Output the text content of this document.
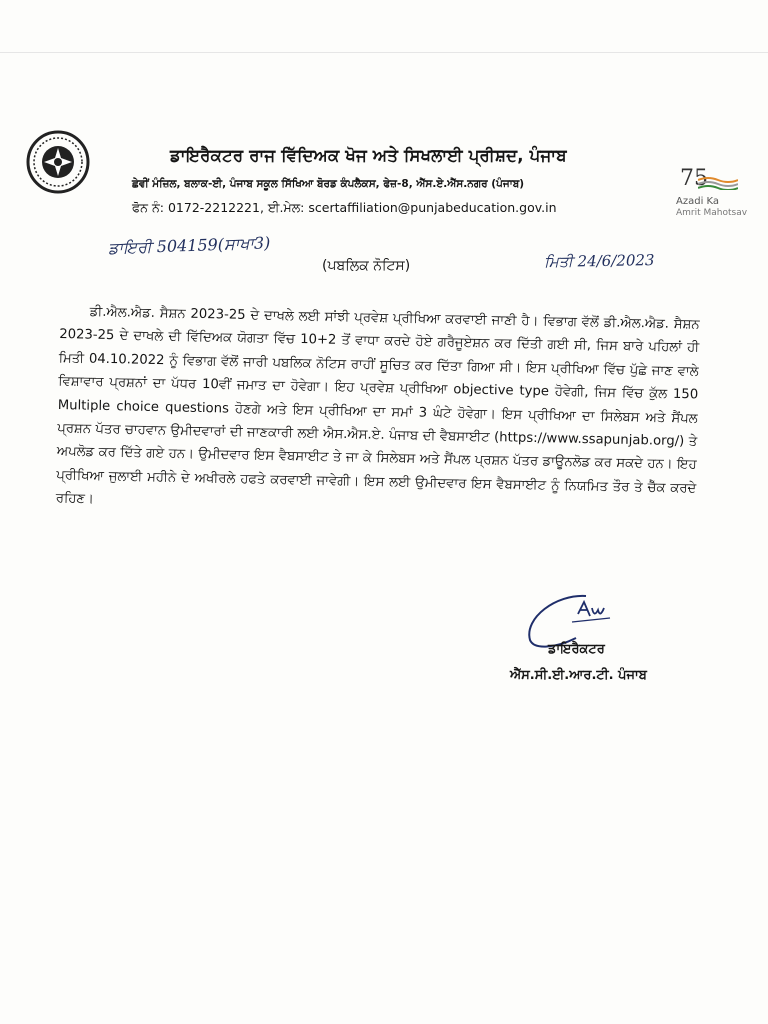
ਡਾਇਰੈਕਟਰ ਰਾਜ ਵਿੱਦਿਅਕ ਖੋਜ ਅਤੇ ਸਿਖਲਾਈ ਪ੍ਰੀਸ਼ਦ, ਪੰਜਾਬ
ਛੇਵੀਂ ਮੰਜ਼ਿਲ, ਬਲਾਕ-ਈ, ਪੰਜਾਬ ਸਕੂਲ ਸਿੱਖਿਆ ਬੋਰਡ ਕੰਪਲੈਕਸ, ਫੇਜ਼-8, ਐੱਸ.ਏ.ਐੱਸ.ਨਗਰ (ਪੰਜਾਬ)
ਫੋਨ ਨੰ: 0172-2212221, ਈ.ਮੇਲ: scertaffiliation@punjabeducation.gov.in
75
Azadi Ka
Amrit Mahotsav
ਡਾਇਰੀ 504159(ਸਾਖਾ3)
(ਪਬਲਿਕ ਨੋਟਿਸ)	ਮਿਤੀ 24/6/2023

ਡੀ.ਐਲ.ਐਡ. ਸੈਸ਼ਨ 2023-25 ਦੇ ਦਾਖਲੇ ਲਈ ਸਾਂਝੀ ਪ੍ਰਵੇਸ਼ ਪ੍ਰੀਖਿਆ ਕਰਵਾਈ ਜਾਣੀ ਹੈ। ਵਿਭਾਗ ਵੱਲੋਂ ਡੀ.ਐਲ.ਐਡ. ਸੈਸ਼ਨ 2023-25 ਦੇ ਦਾਖਲੇ ਦੀ ਵਿੱਦਿਅਕ ਯੋਗਤਾ ਵਿੱਚ 10+2 ਤੋਂ ਵਾਧਾ ਕਰਦੇ ਹੋਏ ਗਰੈਜੂਏਸ਼ਨ ਕਰ ਦਿੱਤੀ ਗਈ ਸੀ, ਜਿਸ ਬਾਰੇ ਪਹਿਲਾਂ ਹੀ ਮਿਤੀ 04.10.2022 ਨੂੰ ਵਿਭਾਗ ਵੱਲੋਂ ਜਾਰੀ ਪਬਲਿਕ ਨੋਟਿਸ ਰਾਹੀਂ ਸੂਚਿਤ ਕਰ ਦਿੱਤਾ ਗਿਆ ਸੀ। ਇਸ ਪ੍ਰੀਖਿਆ ਵਿੱਚ ਪੁੱਛੇ ਜਾਣ ਵਾਲੇ ਵਿਸ਼ਾਵਾਰ ਪ੍ਰਸ਼ਨਾਂ ਦਾ ਪੱਧਰ 10ਵੀਂ ਜਮਾਤ ਦਾ ਹੋਵੇਗਾ। ਇਹ ਪ੍ਰਵੇਸ਼ ਪ੍ਰੀਖਿਆ objective type ਹੋਵੇਗੀ, ਜਿਸ ਵਿੱਚ ਕੁੱਲ 150 Multiple choice questions ਹੋਣਗੇ ਅਤੇ ਇਸ ਪ੍ਰੀਖਿਆ ਦਾ ਸਮਾਂ 3 ਘੰਟੇ ਹੋਵੇਗਾ। ਇਸ ਪ੍ਰੀਖਿਆ ਦਾ ਸਿਲੇਬਸ ਅਤੇ ਸੈਂਪਲ ਪ੍ਰਸ਼ਨ ਪੱਤਰ ਚਾਹਵਾਨ ਉਮੀਦਵਾਰਾਂ ਦੀ ਜਾਣਕਾਰੀ ਲਈ ਐਸ.ਐਸ.ਏ. ਪੰਜਾਬ ਦੀ ਵੈਬਸਾਈਟ (https://www.ssapunjab.org/) ਤੇ ਅਪਲੋਡ ਕਰ ਦਿੱਤੇ ਗਏ ਹਨ। ਉਮੀਦਵਾਰ ਇਸ ਵੈਬਸਾਈਟ ਤੇ ਜਾ ਕੇ ਸਿਲੇਬਸ ਅਤੇ ਸੈਂਪਲ ਪ੍ਰਸ਼ਨ ਪੱਤਰ ਡਾਊਨਲੋਡ ਕਰ ਸਕਦੇ ਹਨ। ਇਹ ਪ੍ਰੀਖਿਆ ਜੁਲਾਈ ਮਹੀਨੇ ਦੇ ਅਖੀਰਲੇ ਹਫਤੇ ਕਰਵਾਈ ਜਾਵੇਗੀ। ਇਸ ਲਈ ਉਮੀਦਵਾਰ ਇਸ ਵੈਬਸਾਈਟ ਨੂੰ ਨਿਯਮਿਤ ਤੌਰ ਤੇ ਚੈੱਕ ਕਰਦੇ ਰਹਿਣ।

ਡਾਇਰੈਕਟਰ
ਐੱਸ.ਸੀ.ਈ.ਆਰ.ਟੀ. ਪੰਜਾਬ
